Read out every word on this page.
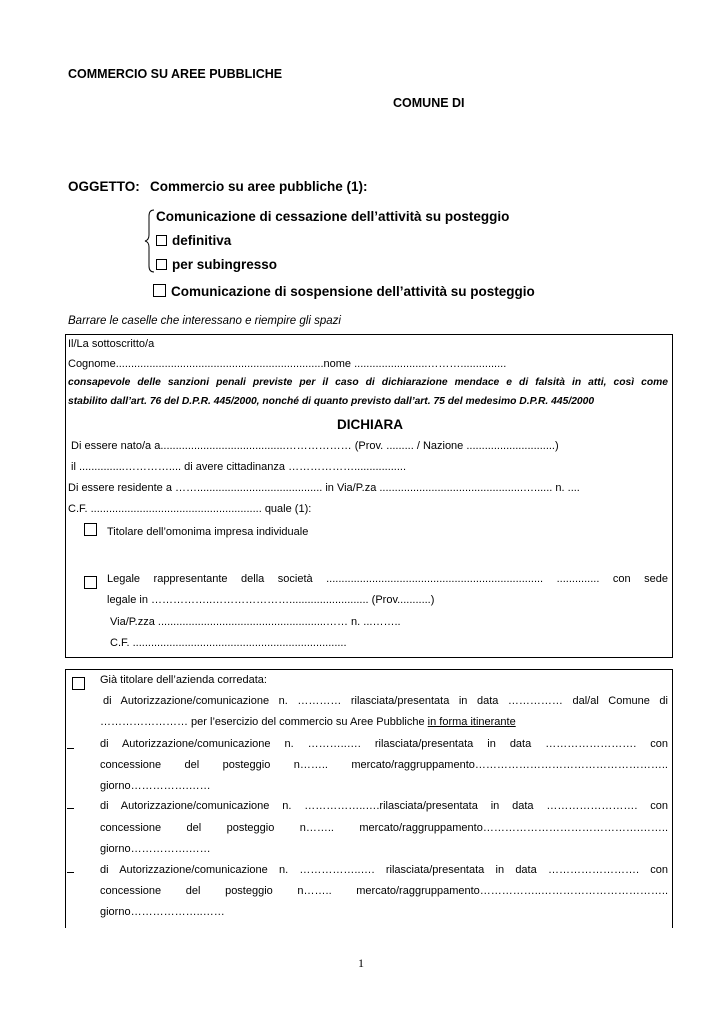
COMMERCIO SU AREE PUBBLICHE
COMUNE DI
OGGETTO: Commercio su aree pubbliche (1):
Comunicazione di cessazione dell’attività su posteggio
definitiva
per subingresso
Comunicazione di sospensione dell’attività su posteggio
Barrare le caselle che interessano e riempire gli spazi
Il/La sottoscritto/a
Cognome....................................................................nome ........................………...............
consapevole delle sanzioni penali previste per il caso di dichiarazione mendace e di falsità in atti, così come
stabilito dall’art. 76 del D.P.R. 445/2000, nonché di quanto previsto dall’art. 75 del medesimo D.P.R. 445/2000
DICHIARA
Di essere nato/a a.........................................……………… (Prov. ......... / Nazione .............................)
il ...............………….... di avere cittadinanza ……………….................
Di essere residente a ……......................................... in Via/P.za ...............................................…...... n. ....
C.F. ........................................................ quale (1):
Titolare dell’omonima impresa individuale
Legale rappresentante della società ....................................................................... .............. con sede
legale in ……………..………………….......................... (Prov...........)
Via/P.zza .......................................................…… n. ...……..
C.F. ......................................................................
Già titolare dell’azienda corredata:
di Autorizzazione/comunicazione n. ………… rilasciata/presentata in data …………… dal/al Comune di
…………………… per l’esercizio del commercio su Aree Pubbliche in forma itinerante
di Autorizzazione/comunicazione n. ………..…. rilasciata/presentata in data ……………………. con
concessione del posteggio n…….. mercato/raggruppamento……………………………………………..
giorno…………….……
di Autorizzazione/comunicazione n. ……………..….rilasciata/presentata in data ……………………. con
concessione del posteggio n…….. mercato/raggruppamento…………………………………….……..
giorno…………….……
di Autorizzazione/comunicazione n. ……………..…. rilasciata/presentata in data ……………………. con
concessione del posteggio n…….. mercato/raggruppamento……………..……………………………..
giorno………………..……
1
